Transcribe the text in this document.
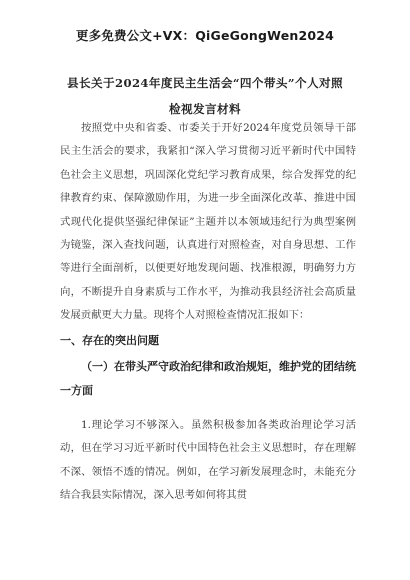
更多免费公文+VX：QiGeGongWen2024
县长关于2024年度民主生活会“四个带头”个人对照检视发言材料
按照党中央和省委、市委关于开好2024年度党员领导干部民主生活会的要求，我紧扣“深入学习贯彻习近平新时代中国特色社会主义思想，巩固深化党纪学习教育成果，综合发挥党的纪律教育约束、保障激励作用，为进一步全面深化改革、推进中国式现代化提供坚强纪律保证”主题并以本领域违纪行为典型案例为镜鉴，深入查找问题，认真进行对照检查，对自身思想、工作等进行全面剖析，以便更好地发现问题、找准根源，明确努力方向，不断提升自身素质与工作水平，为推动我县经济社会高质量发展贡献更大力量。现将个人对照检查情况汇报如下：
一、存在的突出问题
（一）在带头严守政治纪律和政治规矩，维护党的团结统一方面
1.理论学习不够深入。虽然积极参加各类政治理论学习活动，但在学习习近平新时代中国特色社会主义思想时，存在理解不深、领悟不透的情况。例如，在学习新发展理念时，未能充分结合我县实际情况，深入思考如何将其贯
